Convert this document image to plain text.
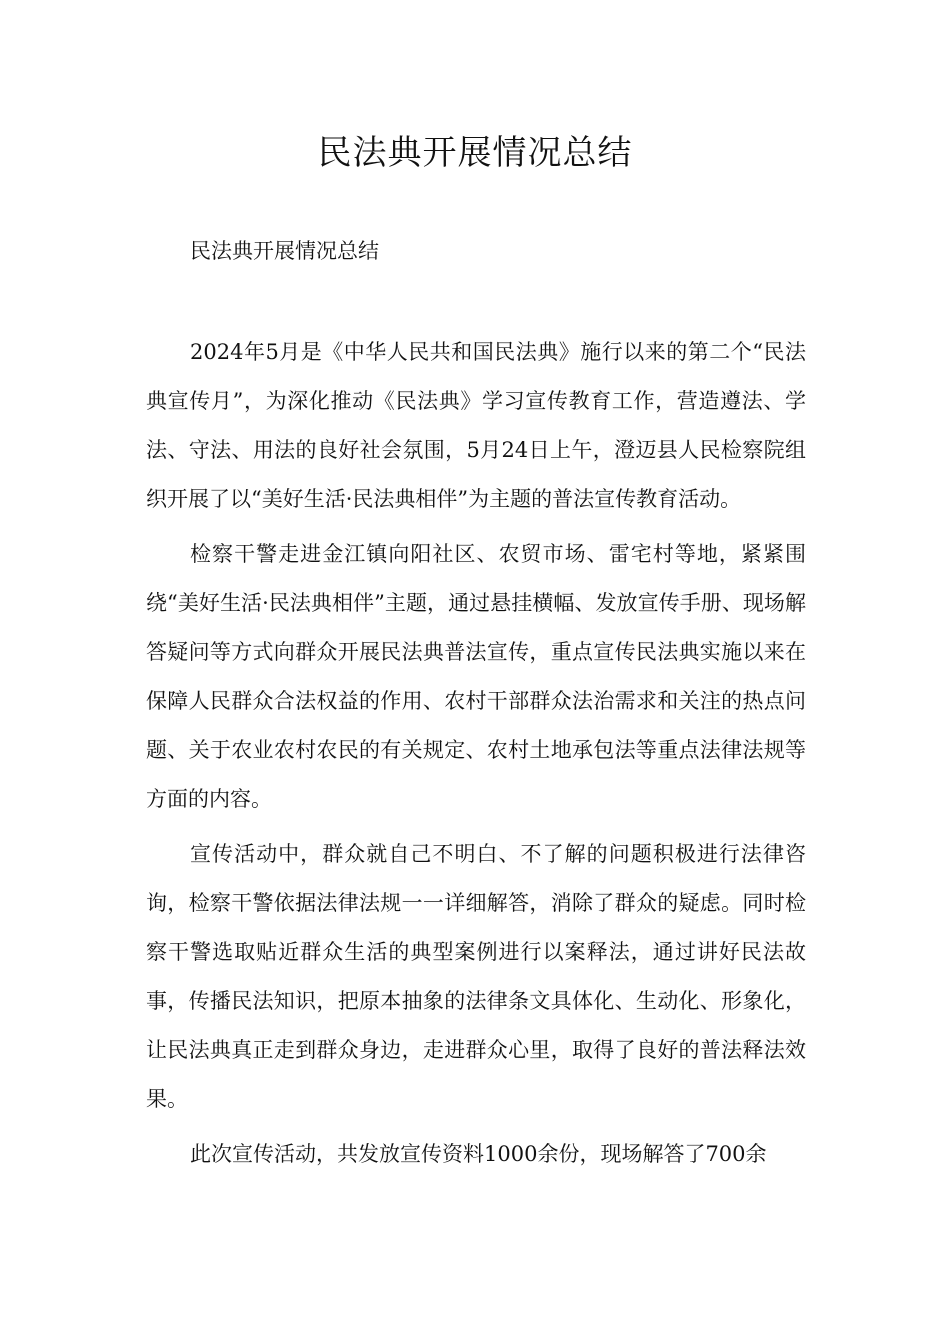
民法典开展情况总结

民法典开展情况总结

2024年5月是《中华人民共和国民法典》施行以来的第二个“民法典宣传月”，为深化推动《民法典》学习宣传教育工作，营造遵法、学法、守法、用法的良好社会氛围，5月24日上午，澄迈县人民检察院组织开展了以“美好生活·民法典相伴”为主题的普法宣传教育活动。

检察干警走进金江镇向阳社区、农贸市场、雷宅村等地，紧紧围绕“美好生活·民法典相伴”主题，通过悬挂横幅、发放宣传手册、现场解答疑问等方式向群众开展民法典普法宣传，重点宣传民法典实施以来在保障人民群众合法权益的作用、农村干部群众法治需求和关注的热点问题、关于农业农村农民的有关规定、农村土地承包法等重点法律法规等方面的内容。

宣传活动中，群众就自己不明白、不了解的问题积极进行法律咨询，检察干警依据法律法规一一详细解答，消除了群众的疑虑。同时检察干警选取贴近群众生活的典型案例进行以案释法，通过讲好民法故事，传播民法知识，把原本抽象的法律条文具体化、生动化、形象化，让民法典真正走到群众身边，走进群众心里，取得了良好的普法释法效果。

此次宣传活动，共发放宣传资料1000余份，现场解答了700余
